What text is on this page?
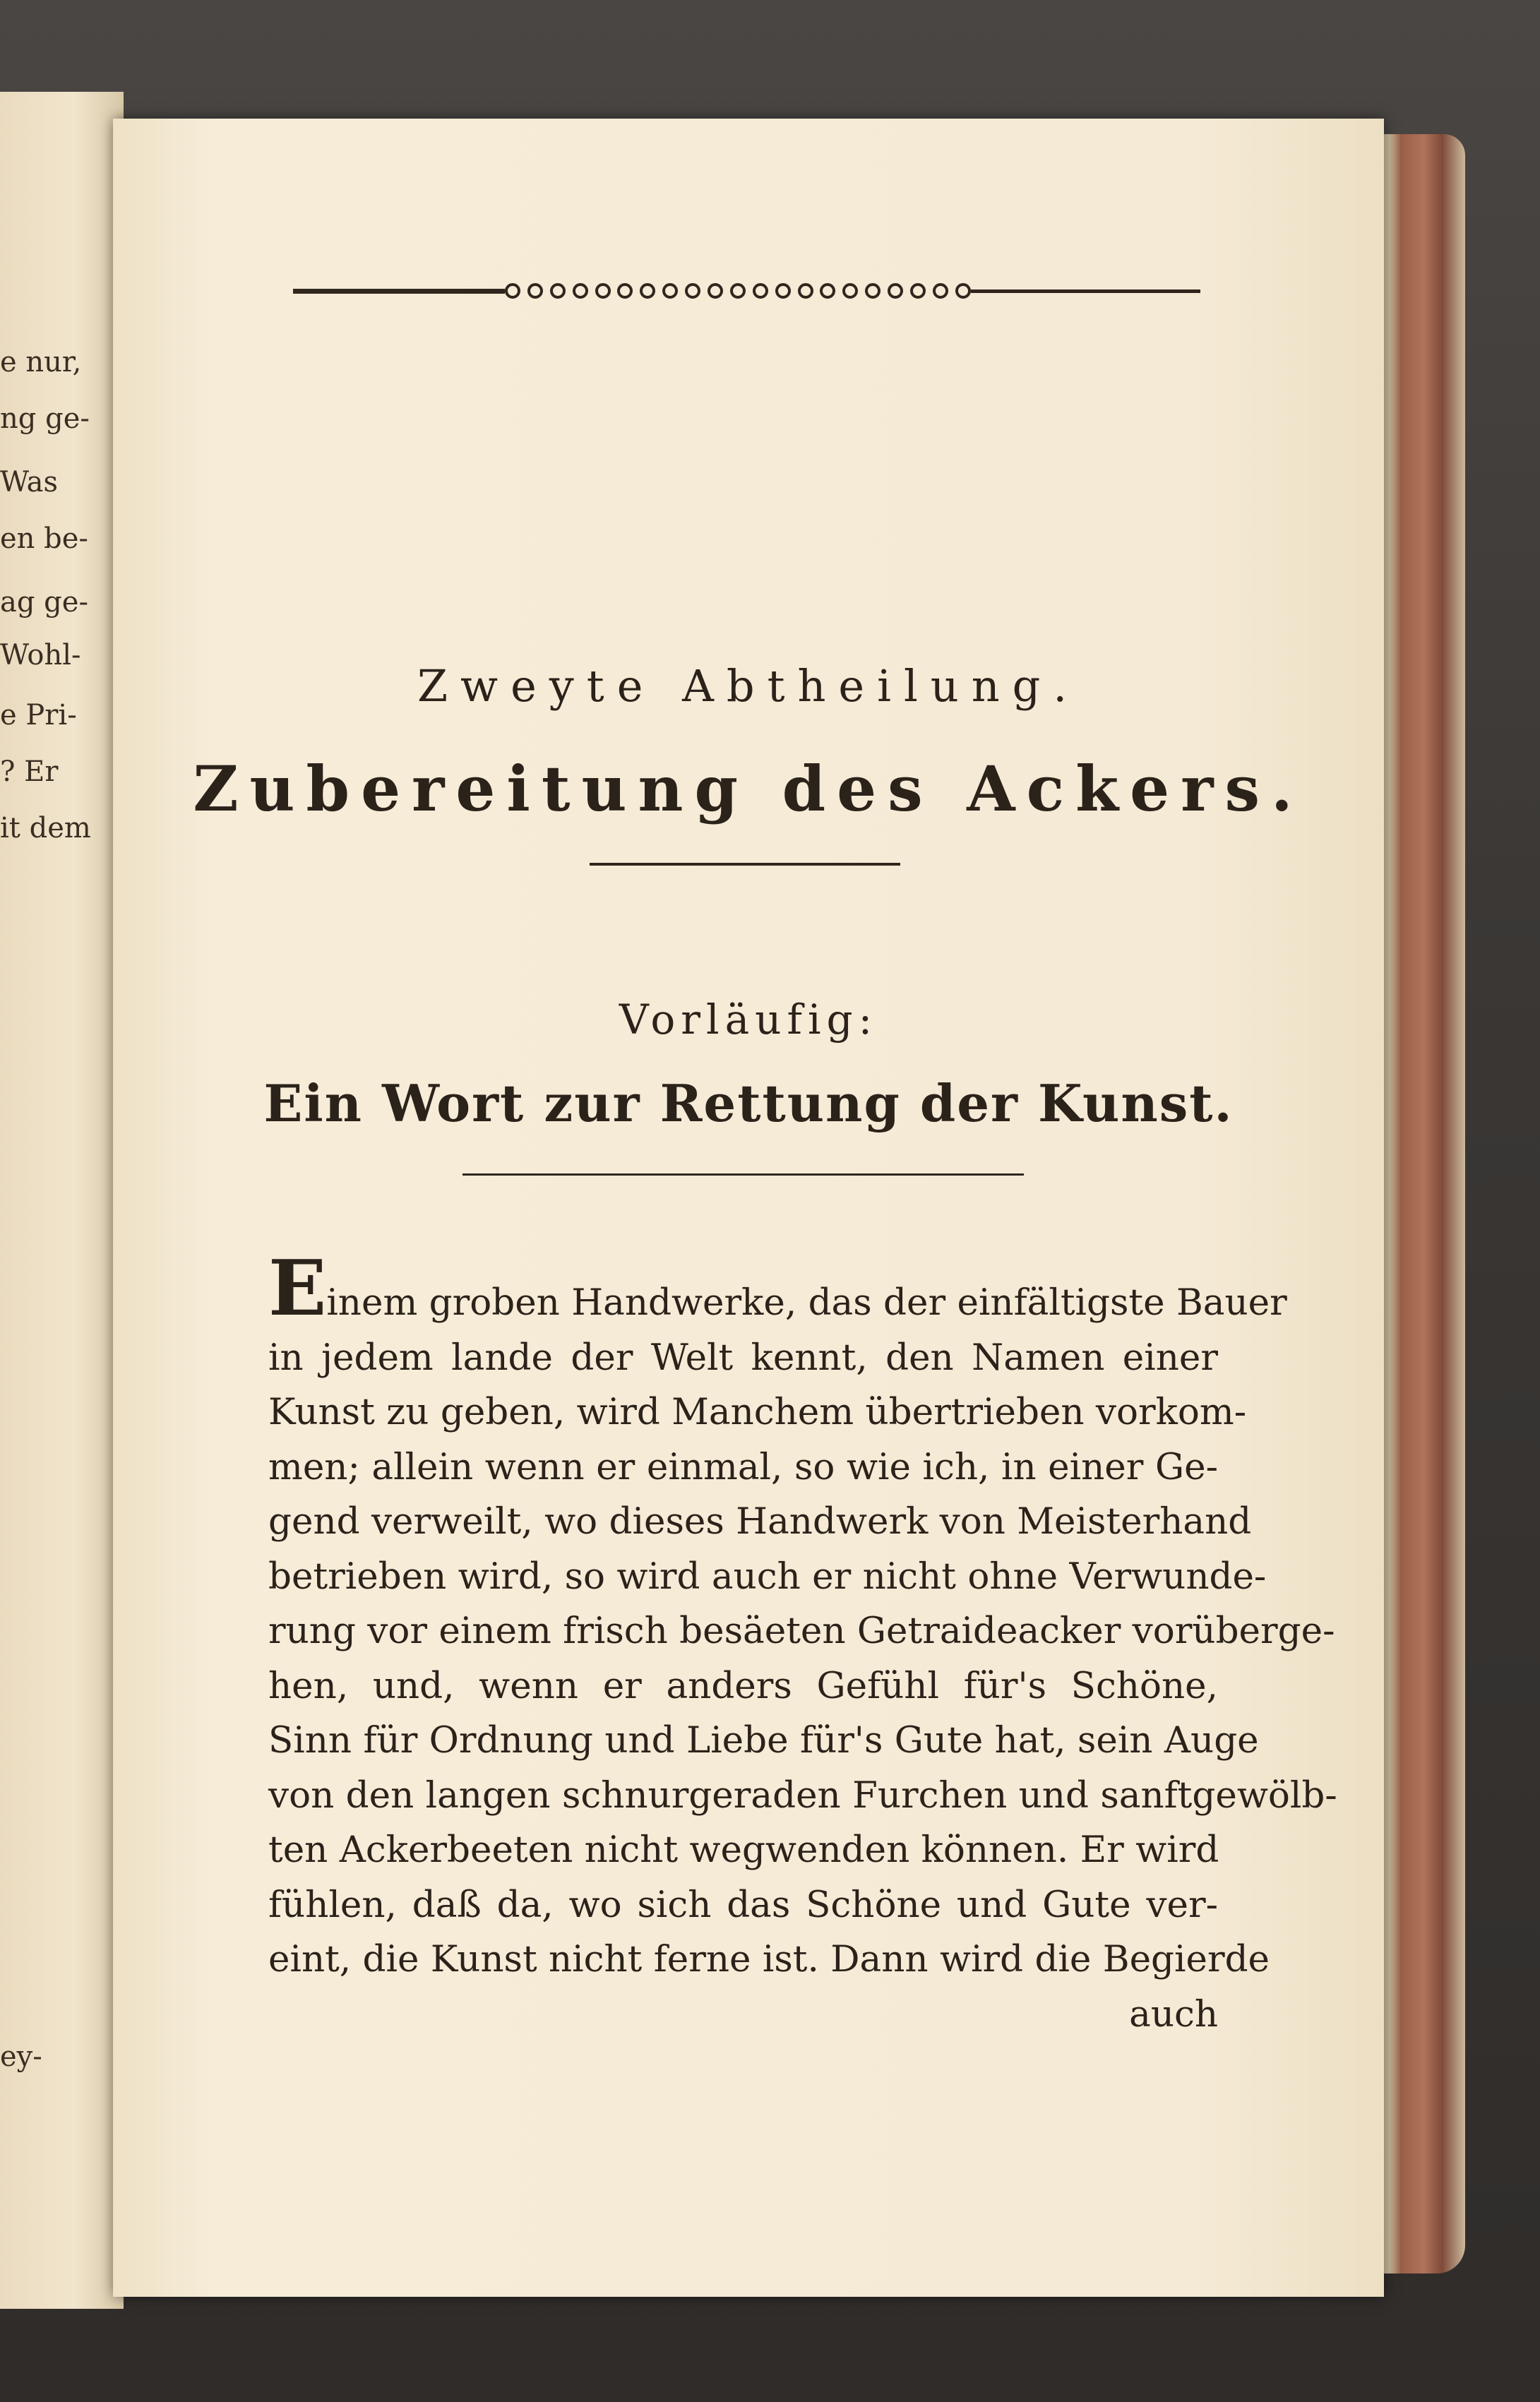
e nur,
ng ge-
Was
en be-
ag ge-
Wohl-
e Pri-
? Er
it dem
ey-
Zweyte Abtheilung.
Zubereitung des Ackers.
Vorläufig:
Ein Wort zur Rettung der Kunst.
Einem groben Handwerke, das der einfältigste Bauer
in jedem lande der Welt kennt, den Namen einer
Kunst zu geben, wird Manchem übertrieben vorkom-
men; allein wenn er einmal, so wie ich, in einer Ge-
gend verweilt, wo dieses Handwerk von Meisterhand
betrieben wird, so wird auch er nicht ohne Verwunde-
rung vor einem frisch besäeten Getraideacker vorüberge-
hen, und, wenn er anders Gefühl für's Schöne,
Sinn für Ordnung und Liebe für's Gute hat, sein Auge
von den langen schnurgeraden Furchen und sanftgewölb-
ten Ackerbeeten nicht wegwenden können. Er wird
fühlen, daß da, wo sich das Schöne und Gute ver-
eint, die Kunst nicht ferne ist. Dann wird die Begierde
auch
